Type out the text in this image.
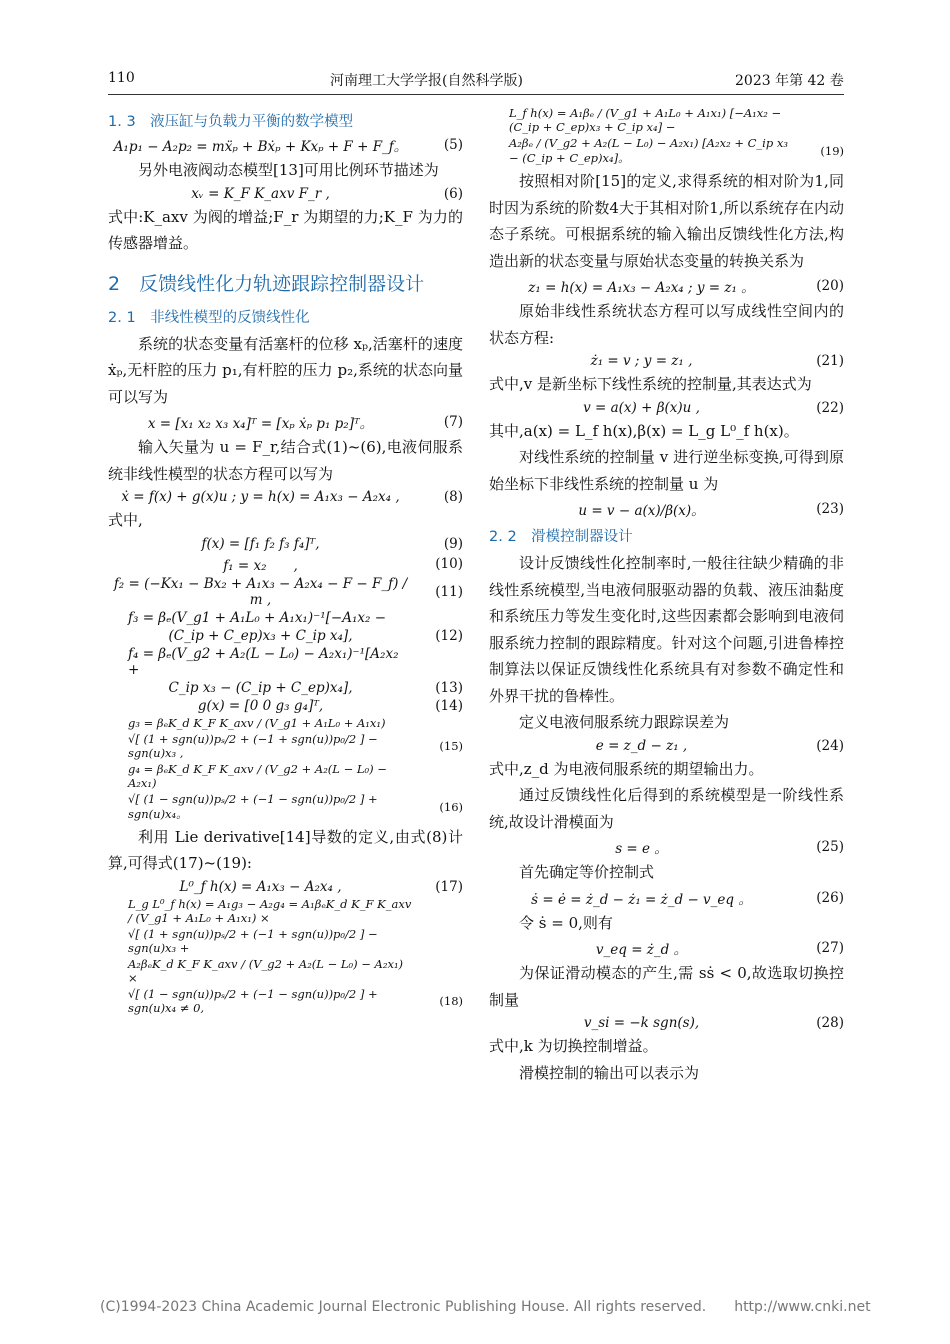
110	河南理工大学学报(自然科学版)	2023 年第 42 卷
1. 3　液压缸与负载力平衡的数学模型
A₁p₁ − A₂p₂ = mẍₚ + Bẋₚ + Kxₚ + F + F_f。	(5)

另外电液阀动态模型[13]可用比例环节描述为

xᵥ = K_F K_axv F_r ,	(6)

式中:K_axv 为阀的增益;F_r 为期望的力;K_F 为力的传感器增益。

2　反馈线性化力轨迹跟踪控制器设计
2. 1　非线性模型的反馈线性化

系统的状态变量有活塞杆的位移 xₚ,活塞杆的速度 ẋₚ,无杆腔的压力 p₁,有杆腔的压力 p₂,系统的状态向量可以写为

x = [x₁ x₂ x₃ x₄]ᵀ = [xₚ ẋₚ p₁ p₂]ᵀ。	(7)

输入矢量为 u = F_r,结合式(1)~(6),电液伺服系统非线性模型的状态方程可以写为

ẋ = f(x) + g(x)u ; y = h(x) = A₁x₃ − A₂x₄ ,	(8)

式中,

f(x) = [f₁ f₂ f₃ f₄]ᵀ,	(9)
f₁ = x₂　　,	(10)
f₂ = (−Kx₁ − Bx₂ + A₁x₃ − A₂x₄ − F − F_f) / m ,	(11)
f₃ = βₑ(V_g1 + A₁L₀ + A₁x₁)⁻¹[−A₁x₂ −
(C_ip + C_ep)x₃ + C_ip x₄],	(12)
f₄ = βₑ(V_g2 + A₂(L − L₀) − A₂x₁)⁻¹[A₂x₂ +
C_ip x₃ − (C_ip + C_ep)x₄],	(13)
g(x) = [0 0 g₃ g₄]ᵀ,	(14)
g₃ = βₑK_d K_F K_axv / (V_g1 + A₁L₀ + A₁x₁)
√[ (1 + sgn(u))pₛ/2 + (−1 + sgn(u))p₀/2 ] − sgn(u)x₃ ,	(15)
g₄ = βₑK_d K_F K_axv / (V_g2 + A₂(L − L₀) − A₂x₁)
√[ (1 − sgn(u))pₛ/2 + (−1 − sgn(u))p₀/2 ] + sgn(u)x₄。	(16)

利用 Lie derivative[14]导数的定义,由式(8)计算,可得式(17)~(19):

L⁰_f h(x) = A₁x₃ − A₂x₄ ,	(17)
L_g L⁰_f h(x) = A₁g₃ − A₂g₄ = A₁βₑK_d K_F K_axv / (V_g1 + A₁L₀ + A₁x₁) ×
√[ (1 + sgn(u))pₛ/2 + (−1 + sgn(u))p₀/2 ] − sgn(u)x₃ +
A₂βₑK_d K_F K_axv / (V_g2 + A₂(L − L₀) − A₂x₁) ×
√[ (1 − sgn(u))pₛ/2 + (−1 − sgn(u))p₀/2 ] + sgn(u)x₄ ≠ 0,	(18)
L_f h(x) = A₁βₑ / (V_g1 + A₁L₀ + A₁x₁) [−A₁x₂ − (C_ip + C_ep)x₃ + C_ip x₄] −
A₂βₑ / (V_g2 + A₂(L − L₀) − A₂x₁) [A₂x₂ + C_ip x₃ − (C_ip + C_ep)x₄]。	(19)

按照相对阶[15]的定义,求得系统的相对阶为1,同时因为系统的阶数4大于其相对阶1,所以系统存在内动态子系统。可根据系统的输入输出反馈线性化方法,构造出新的状态变量与原始状态变量的转换关系为

z₁ = h(x) = A₁x₃ − A₂x₄ ; y = z₁ 。	(20)

原始非线性系统状态方程可以写成线性空间内的状态方程:

ż₁ = v ; y = z₁ ,	(21)

式中,v 是新坐标下线性系统的控制量,其表达式为

v = a(x) + β(x)u ,	(22)

其中,a(x) = L_f h(x),β(x) = L_g L⁰_f h(x)。

对线性系统的控制量 v 进行逆坐标变换,可得到原始坐标下非线性系统的控制量 u 为

u = v − a(x)/β(x)。	(23)
2. 2　滑模控制器设计

设计反馈线性化控制率时,一般往往缺少精确的非线性系统模型,当电液伺服驱动器的负载、液压油黏度和系统压力等发生变化时,这些因素都会影响到电液伺服系统力控制的跟踪精度。针对这个问题,引进鲁棒控制算法以保证反馈线性化系统具有对参数不确定性和外界干扰的鲁棒性。

定义电液伺服系统力跟踪误差为

e = z_d − z₁ ,	(24)

式中,z_d 为电液伺服系统的期望输出力。

通过反馈线性化后得到的系统模型是一阶线性系统,故设计滑模面为

s = e 。	(25)

首先确定等价控制式

ṡ = ė = ż_d − ż₁ = ż_d − v_eq 。	(26)

令 ṡ = 0,则有

v_eq = ż_d 。	(27)

为保证滑动模态的产生,需 sṡ < 0,故选取切换控制量

v_si = −k sgn(s),	(28)

式中,k 为切换控制增益。

滑模控制的输出可以表示为

(C)1994-2023 China Academic Journal Electronic Publishing House. All rights reserved.　　http://www.cnki.net
